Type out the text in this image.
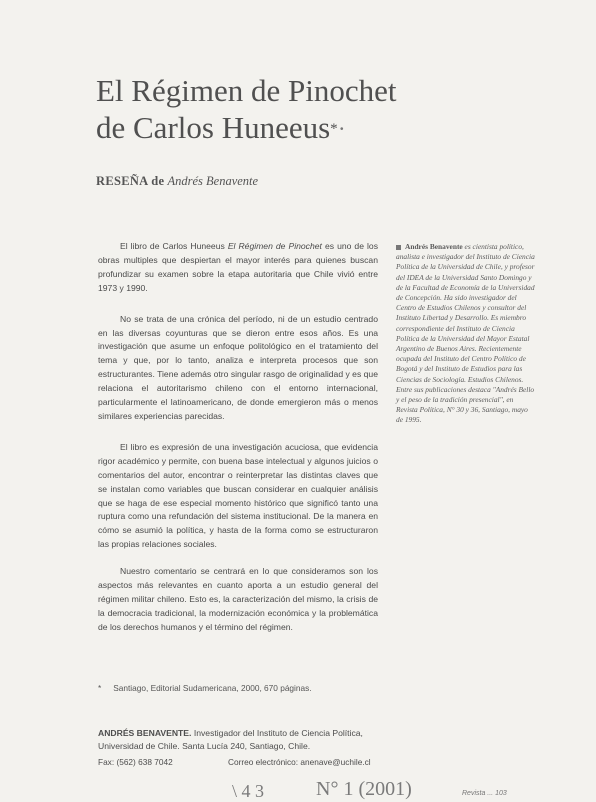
El Régimen de Pinochet
de Carlos Huneeus* •
RESEÑA de Andrés Benavente

El libro de Carlos Huneeus El Régimen de Pinochet es uno de los obras multiples que despiertan el mayor interés para quienes buscan profundizar su examen sobre la etapa autoritaria que Chile vivió entre 1973 y 1990.

No se trata de una crónica del período, ni de un estudio centrado en las diversas coyunturas que se dieron entre esos años. Es una investigación que asume un enfoque politológico en el tratamiento del tema y que, por lo tanto, analiza e interpreta procesos que son estructurantes. Tiene además otro singular rasgo de originalidad y es que relaciona el autoritarismo chileno con el entorno internacional, particularmente el latinoamericano, de donde emergieron más o menos similares experiencias parecidas.

El libro es expresión de una investigación acuciosa, que evidencia rigor académico y permite, con buena base intelectual y algunos juicios o comentarios del autor, encontrar o reinterpretar las distintas claves que se instalan como variables que buscan considerar en cualquier análisis que se haga de ese especial momento histórico que significó tanto una ruptura como una refundación del sistema institucional. De la manera en cómo se asumió la política, y hasta de la forma como se estructuraron las propias relaciones sociales.

Nuestro comentario se centrará en lo que consideramos son los aspectos más relevantes en cuanto aporta a un estudio general del régimen militar chileno. Esto es, la caracterización del mismo, la crisis de la democracia tradicional, la modernización económica y la problemática de los derechos humanos y el término del régimen.

Andrés Benavente es cientista político, analista e investigador del Instituto de Ciencia Política de la Universidad de Chile, y profesor del IDEA de la Universidad Santo Domingo y de la Facultad de Economía de la Universidad de Concepción. Ha sido investigador del Centro de Estudios Chilenos y consultor del Instituto Libertad y Desarrollo. Es miembro correspondiente del Instituto de Ciencia Política de la Universidad del Mayor Estatal Argentino de Buenos Aires. Recientemente ocupada del Instituto del Centro Político de Bogotá y del Instituto de Estudios para las Ciencias de Sociología. Estudios Chilenos. Entre sus publicaciones destaca "Andrés Bello y el peso de la tradición presencial", en Revista Política, N° 30 y 36, Santiago, mayo de 1995.

* Santiago, Editorial Sudamericana, 2000, 670 páginas.
ANDRÉS BENAVENTE. Investigador del Instituto de Ciencia Política, Universidad de Chile. Santa Lucía 240, Santiago, Chile.
Fax: (562) 638 7042	Correo electrónico: anenave@uchile.cl
\ 4 3	N° 1 (2001)	Revista ... 103
